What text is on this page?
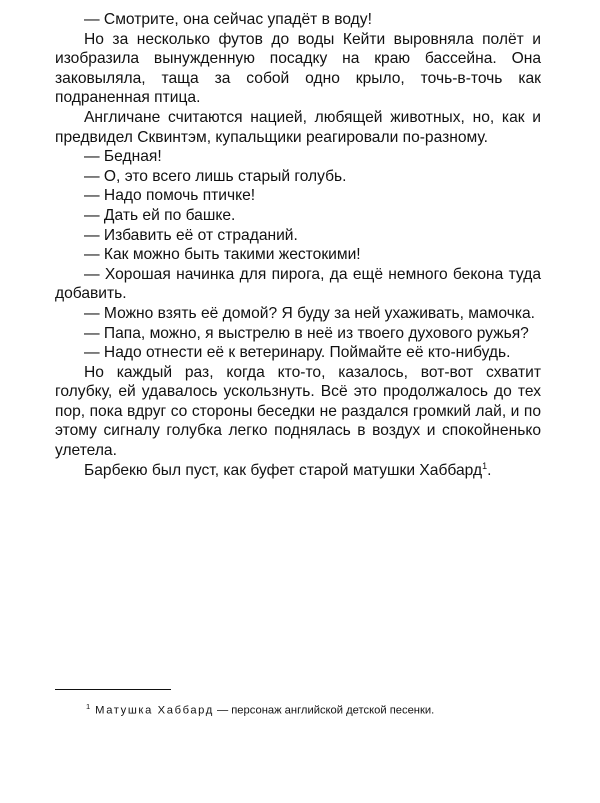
— Смотрите, она сейчас упадёт в воду!

Но за несколько футов до воды Кейти выровняла полёт и изобразила вынужденную посадку на краю бассейна. Она заковыляла, таща за собой одно крыло, точь-в-точь как подраненная птица.

Англичане считаются нацией, любящей животных, но, как и предвидел Сквинтэм, купальщики реагировали по-разному.

— Бедная!

— О, это всего лишь старый голубь.

— Надо помочь птичке!

— Дать ей по башке.

— Избавить её от страданий.

— Как можно быть такими жестокими!

— Хорошая начинка для пирога, да ещё немного бекона туда добавить.

— Можно взять её домой? Я буду за ней ухаживать, мамочка.

— Папа, можно, я выстрелю в неё из твоего духового ружья?

— Надо отнести её к ветеринару. Поймайте её кто-нибудь.

Но каждый раз, когда кто-то, казалось, вот-вот схватит голубку, ей удавалось ускользнуть. Всё это продолжалось до тех пор, пока вдруг со стороны беседки не раздался громкий лай, и по этому сигналу голубка легко поднялась в воздух и спокойненько улетела.

Барбекю был пуст, как буфет старой матушки Хаббард$^1$.

$^1$ Матушка Хаббард — персонаж английской детской песенки.
